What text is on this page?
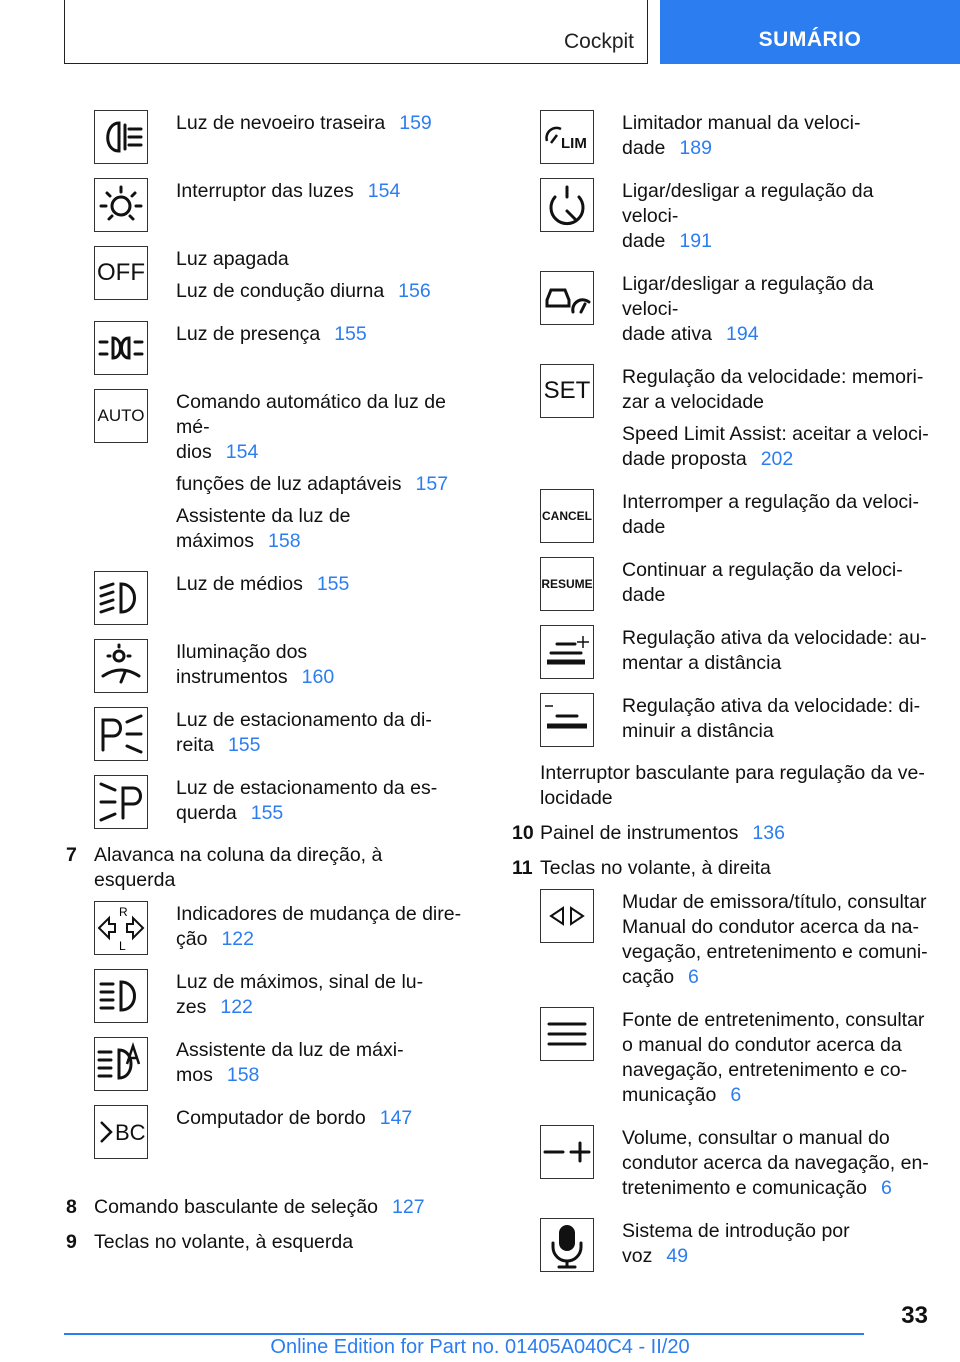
Cockpit	SUMÁRIO

Luz de nevoeiro traseira 159

Interruptor das luzes 154

OFF Luz apagada

Luz de condução diurna 156

Luz de presença 155

AUTO

Comando automático da luz de mé-
dios 154

funções de luz adaptáveis 157

Assistente da luz de máximos 158

Luz de médios 155

Iluminação dos instrumentos 160

Luz de estacionamento da di-
reita 155

Luz de estacionamento da es-
querda 155

7 Alavanca na coluna da direção, à esquerda
R
L

Indicadores de mudança de dire-
ção 122

Luz de máximos, sinal de lu-
zes 122

Assistente da luz de máxi-
mos 158

BC

Computador de bordo 147

8 Comando basculante de seleção 127
9 Teclas no volante, à esquerda
LIM

Limitador manual da veloci-
dade 189

Ligar/desligar a regulação da veloci-
dade 191

Ligar/desligar a regulação da veloci-
dade ativa 194

SET Regulação da velocidade: memori-
zar a velocidade

Speed Limit Assist: aceitar a veloci-
dade proposta 202

CANCEL

Interromper a regulação da veloci-
dade

RESUME

Continuar a regulação da veloci-
dade

Regulação ativa da velocidade: au-
mentar a distância

Regulação ativa da velocidade: di-
minuir a distância

Interruptor basculante para regulação da ve-
locidade
10 Painel de instrumentos 136
11 Teclas no volante, à direita

Mudar de emissora/título, consultar
Manual do condutor acerca da na-
vegação, entretenimento e comuni-
cação 6

Fonte de entretenimento, consultar
o manual do condutor acerca da
navegação, entretenimento e co-
municação 6

Volume, consultar o manual do
condutor acerca da navegação, en-
tretenimento e comunicação 6

Sistema de introdução por
voz 49

33
Online Edition for Part no. 01405A040C4 - II/20
